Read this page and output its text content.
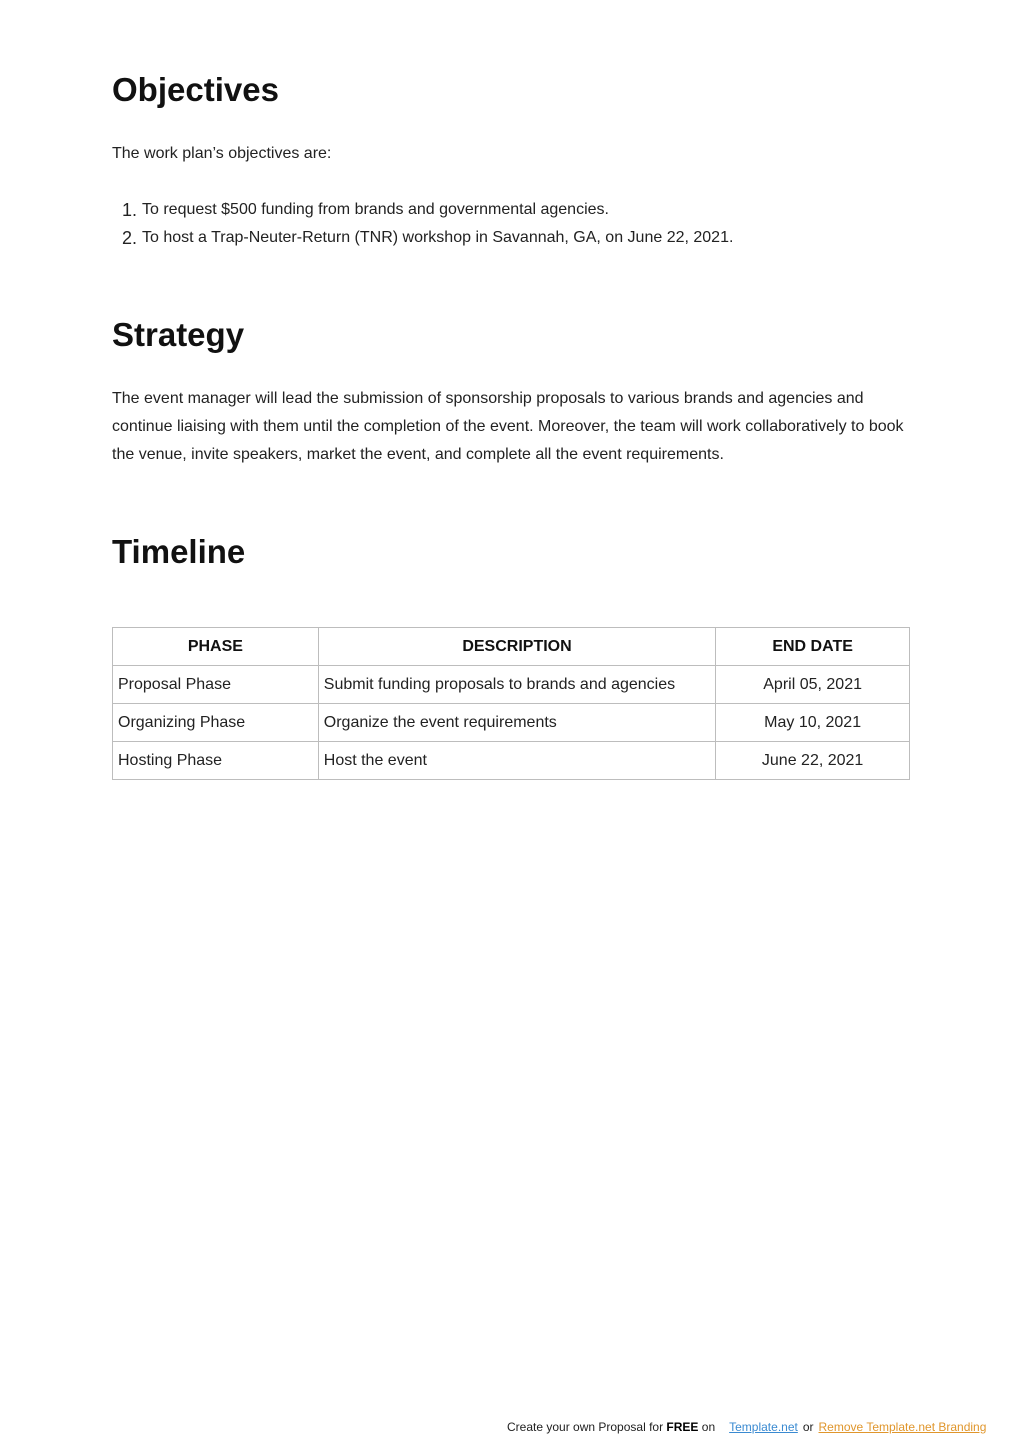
Objectives

The work plan’s objectives are:

1. To request $500 funding from brands and governmental agencies.
2. To host a Trap-Neuter-Return (TNR) workshop in Savannah, GA, on June 22, 2021.
Strategy

The event manager will lead the submission of sponsorship proposals to various brands and agencies and continue liaising with them until the completion of the event. Moreover, the team will work collaboratively to book the venue, invite speakers, market the event, and complete all the event requirements.

Timeline
PHASE	DESCRIPTION	END DATE
Proposal Phase	Submit funding proposals to brands and agencies	April 05, 2021
Organizing Phase	Organize the event requirements	May 10, 2021
Hosting Phase	Host the event	June 22, 2021
Create your own Proposal for FREE on Template.net or Remove Template.net Branding
